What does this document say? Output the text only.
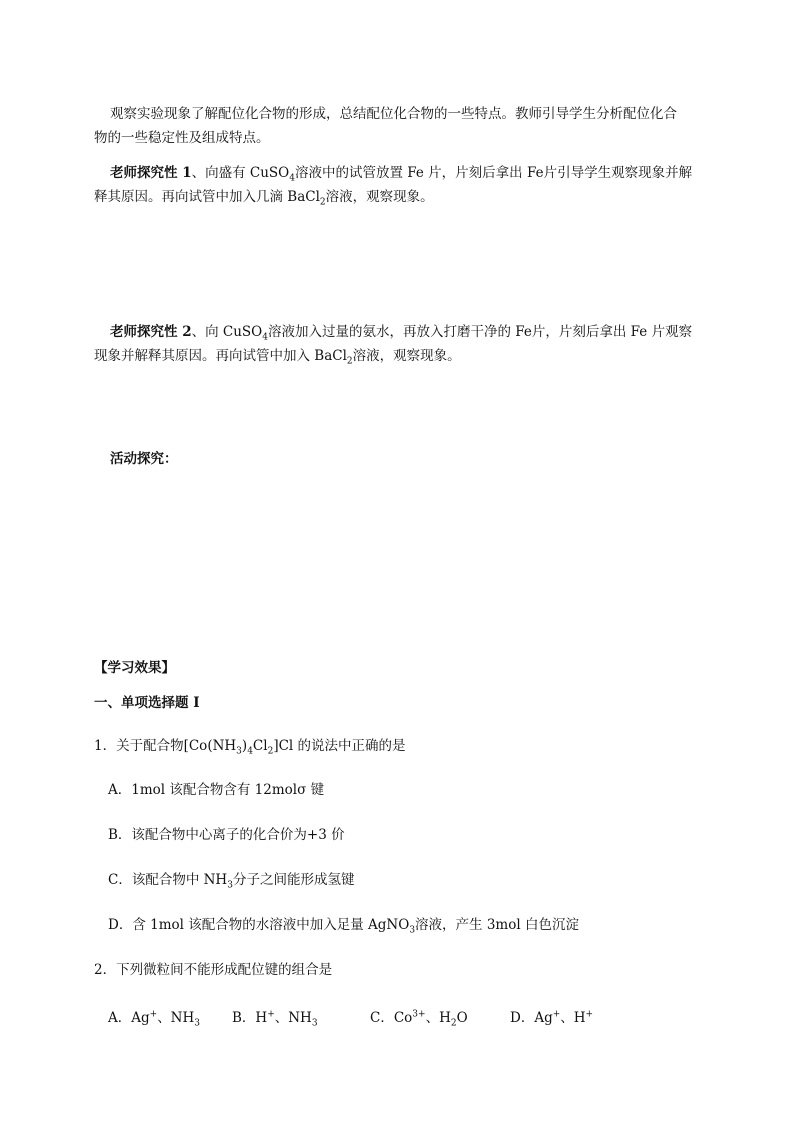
观察实验现象了解配位化合物的形成，总结配位化合物的一些特点。教师引导学生分析配位化合
物的一些稳定性及组成特点。
老师探究性 1、向盛有 CuSO$_4$溶液中的试管放置 Fe 片，片刻后拿出 Fe片引导学生观察现象并解
释其原因。再向试管中加入几滴 BaCl$_2$溶液，观察现象。
老师探究性 2、向 CuSO$_4$溶液加入过量的氨水，再放入打磨干净的 Fe片，片刻后拿出 Fe 片观察
现象并解释其原因。再向试管中加入 BaCl$_2$溶液，观察现象。
活动探究：
【学习效果】
一、单项选择题 I
1．关于配合物$[Co(NH_3)_4Cl_2]Cl$ 的说法中正确的是
A．1mol 该配合物含有 12molσ 键
B．该配合物中心离子的化合价为+3 价
C．该配合物中 $NH_3$分子之间能形成氢键
D．含 1mol 该配合物的水溶液中加入足量 AgNO$_3$溶液，产生 3mol 白色沉淀
2．下列微粒间不能形成配位键的组合是
A．Ag+、$NH_3$ B．H+、$NH_3$	C．$Co^{3+}$、$H_2O$	D．Ag+、H+
